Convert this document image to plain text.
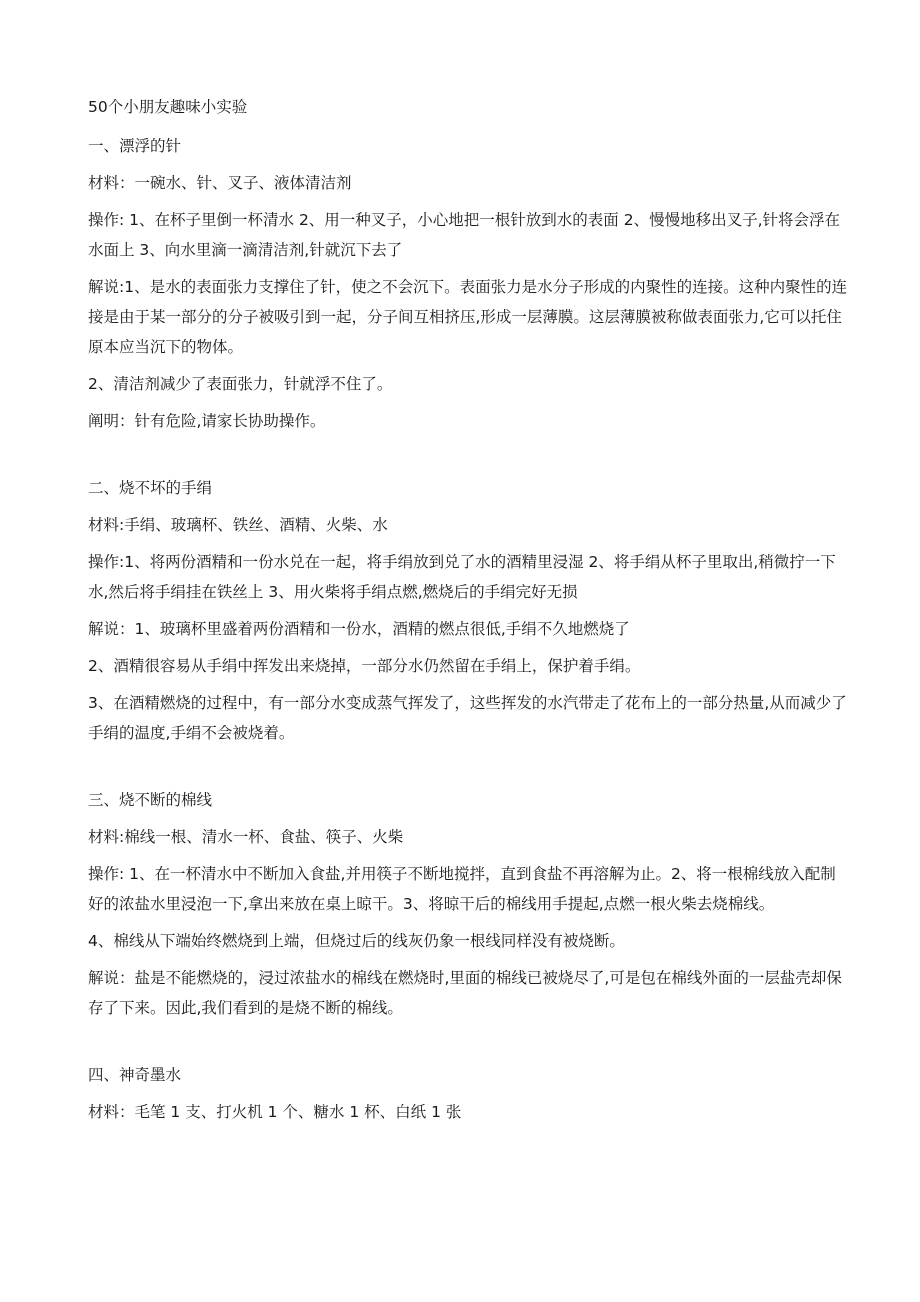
50个小朋友趣味小实验

一、漂浮的针

材料：一碗水、针、叉子、液体清洁剂

操作: 1、在杯子里倒一杯清水 2、用一种叉子，小心地把一根针放到水的表面 2、慢慢地移出叉子,针将会浮在水面上 3、向水里滴一滴清洁剂,针就沉下去了

解说:1、是水的表面张力支撑住了针，使之不会沉下。表面张力是水分子形成的内聚性的连接。这种内聚性的连接是由于某一部分的分子被吸引到一起，分子间互相挤压,形成一层薄膜。这层薄膜被称做表面张力,它可以托住原本应当沉下的物体。

2、清洁剂减少了表面张力，针就浮不住了。

阐明：针有危险,请家长协助操作。

二、烧不坏的手绢

材料:手绢、玻璃杯、铁丝、酒精、火柴、水

操作:1、将两份酒精和一份水兑在一起，将手绢放到兑了水的酒精里浸湿 2、将手绢从杯子里取出,稍微拧一下水,然后将手绢挂在铁丝上 3、用火柴将手绢点燃,燃烧后的手绢完好无损

解说：1、玻璃杯里盛着两份酒精和一份水，酒精的燃点很低,手绢不久地燃烧了

2、酒精很容易从手绢中挥发出来烧掉，一部分水仍然留在手绢上，保护着手绢。

3、在酒精燃烧的过程中，有一部分水变成蒸气挥发了，这些挥发的水汽带走了花布上的一部分热量,从而减少了手绢的温度,手绢不会被烧着。

三、烧不断的棉线

材料:棉线一根、清水一杯、食盐、筷子、火柴

操作: 1、在一杯清水中不断加入食盐,并用筷子不断地搅拌，直到食盐不再溶解为止。2、将一根棉线放入配制好的浓盐水里浸泡一下,拿出来放在桌上晾干。3、将晾干后的棉线用手提起,点燃一根火柴去烧棉线。

4、棉线从下端始终燃烧到上端，但烧过后的线灰仍象一根线同样没有被烧断。

解说：盐是不能燃烧的，浸过浓盐水的棉线在燃烧时,里面的棉线已被烧尽了,可是包在棉线外面的一层盐壳却保存了下来。因此,我们看到的是烧不断的棉线。

四、神奇墨水

材料：毛笔 1 支、打火机 1 个、糖水 1 杯、白纸 1 张
